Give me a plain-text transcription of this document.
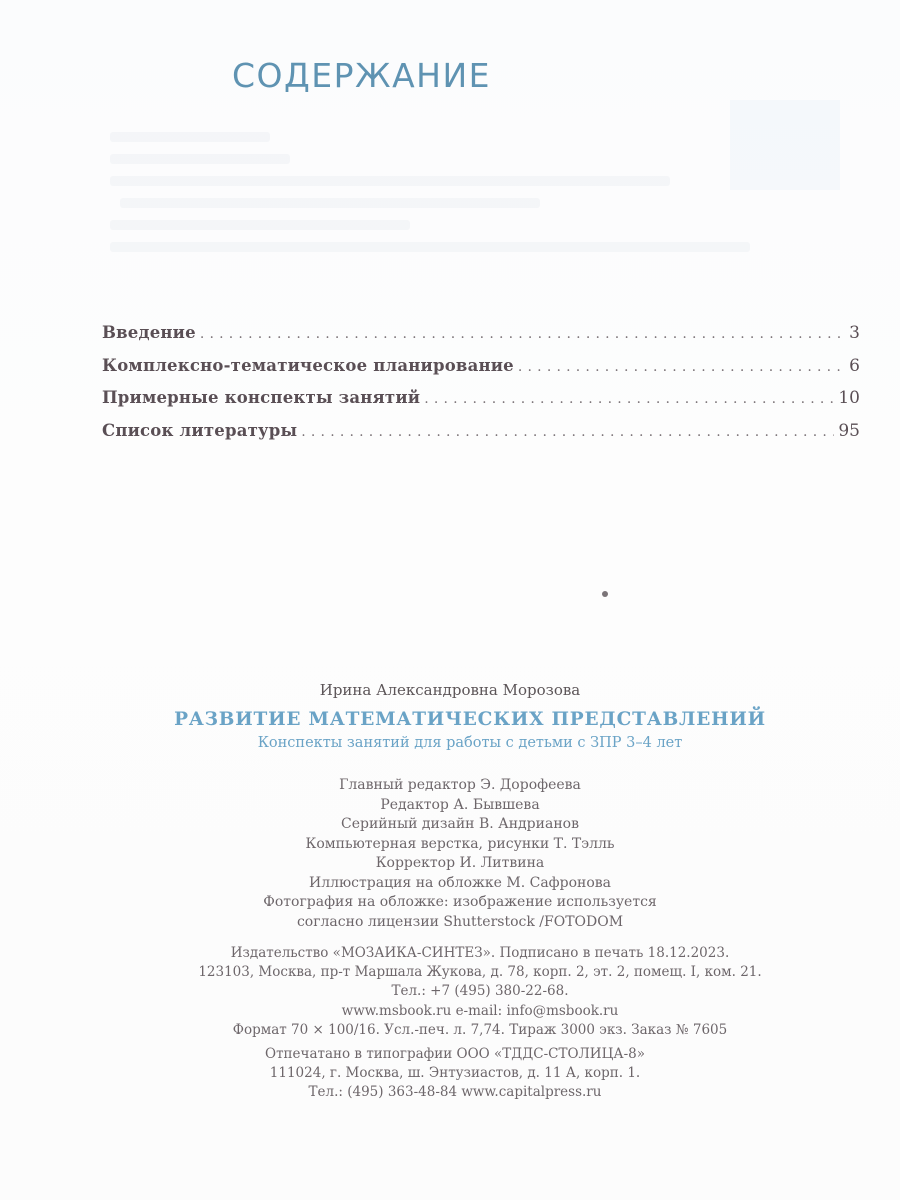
СОДЕРЖАНИЕ
Введение .....	3
Комплексно-тематическое планирование .....	6
Примерные конспекты занятий .....	10
Список литературы .....	95
Ирина Александровна Морозова
РАЗВИТИЕ МАТЕМАТИЧЕСКИХ ПРЕДСТАВЛЕНИЙ
Конспекты занятий для работы с детьми с ЗПР 3–4 лет
Главный редактор Э. Дорофеева
Редактор А. Бывшева
Серийный дизайн В. Андрианов
Компьютерная верстка, рисунки Т. Тэлль
Корректор И. Литвина
Иллюстрация на обложке М. Сафронова
Фотография на обложке: изображение используется
согласно лицензии Shutterstock /FOTODOM
Издательство «МОЗАИКА-СИНТЕЗ». Подписано в печать 18.12.2023.
123103, Москва, пр-т Маршала Жукова, д. 78, корп. 2, эт. 2, помещ. I, ком. 21.
Тел.: +7 (495) 380-22-68.
www.msbook.ru e-mail: info@msbook.ru
Формат 70 × 100/16. Усл.-печ. л. 7,74. Тираж 3000 экз. Заказ № 7605
Отпечатано в типографии ООО «ТДДС-СТОЛИЦА-8»
111024, г. Москва, ш. Энтузиастов, д. 11 А, корп. 1.
Тел.: (495) 363-48-84 www.capitalpress.ru
